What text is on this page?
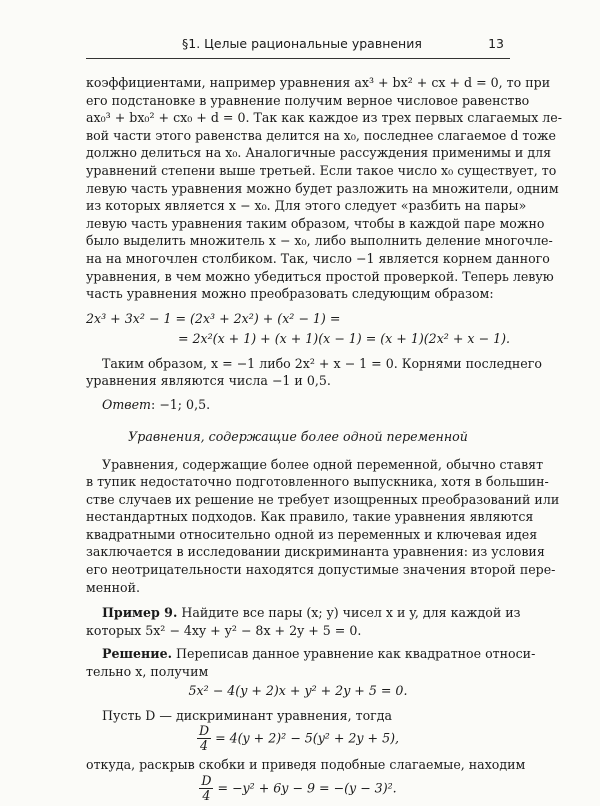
§1. Целые рациональные уравнения	13
коэффициентами, например уравнения ax³ + bx² + cx + d = 0, то при
его подстановке в уравнение получим верное числовое равенство
ax₀³ + bx₀² + cx₀ + d = 0. Так как каждое из трех первых слагаемых ле-
вой части этого равенства делится на x₀, последнее слагаемое d тоже
должно делиться на x₀. Аналогичные рассуждения применимы и для
уравнений степени выше третьей. Если такое число x₀ существует, то
левую часть уравнения можно будет разложить на множители, одним
из которых является x − x₀. Для этого следует «разбить на пары»
левую часть уравнения таким образом, чтобы в каждой паре можно
было выделить множитель x − x₀, либо выполнить деление многочле-
на на многочлен столбиком. Так, число −1 является корнем данного
уравнения, в чем можно убедиться простой проверкой. Теперь левую
часть уравнения можно преобразовать следующим образом:
2x³ + 3x² − 1 = (2x³ + 2x²) + (x² − 1) =
= 2x²(x + 1) + (x + 1)(x − 1) = (x + 1)(2x² + x − 1).
Таким образом, x = −1 либо 2x² + x − 1 = 0. Корнями последнего
уравнения являются числа −1 и 0,5.
Ответ: −1; 0,5.
Уравнения, содержащие более одной переменной
Уравнения, содержащие более одной переменной, обычно ставят
в тупик недостаточно подготовленного выпускника, хотя в большин-
стве случаев их решение не требует изощренных преобразований или
нестандартных подходов. Как правило, такие уравнения являются
квадратными относительно одной из переменных и ключевая идея
заключается в исследовании дискриминанта уравнения: из условия
его неотрицательности находятся допустимые значения второй пере-
менной.
Пример 9. Найдите все пары (x; y) чисел x и y, для каждой из
которых 5x² − 4xy + y² − 8x + 2y + 5 = 0.
Решение. Переписав данное уравнение как квадратное относи-
тельно x, получим
5x² − 4(y + 2)x + y² + 2y + 5 = 0.
Пусть D — дискриминант уравнения, тогда
$\frac{D}{4} = 4(y + 2)^2 - 5(y^2 + 2y + 5)$,
откуда, раскрыв скобки и приведя подобные слагаемые, находим
$\frac{D}{4} = -y^2 + 6y - 9 = -(y - 3)^2$.
